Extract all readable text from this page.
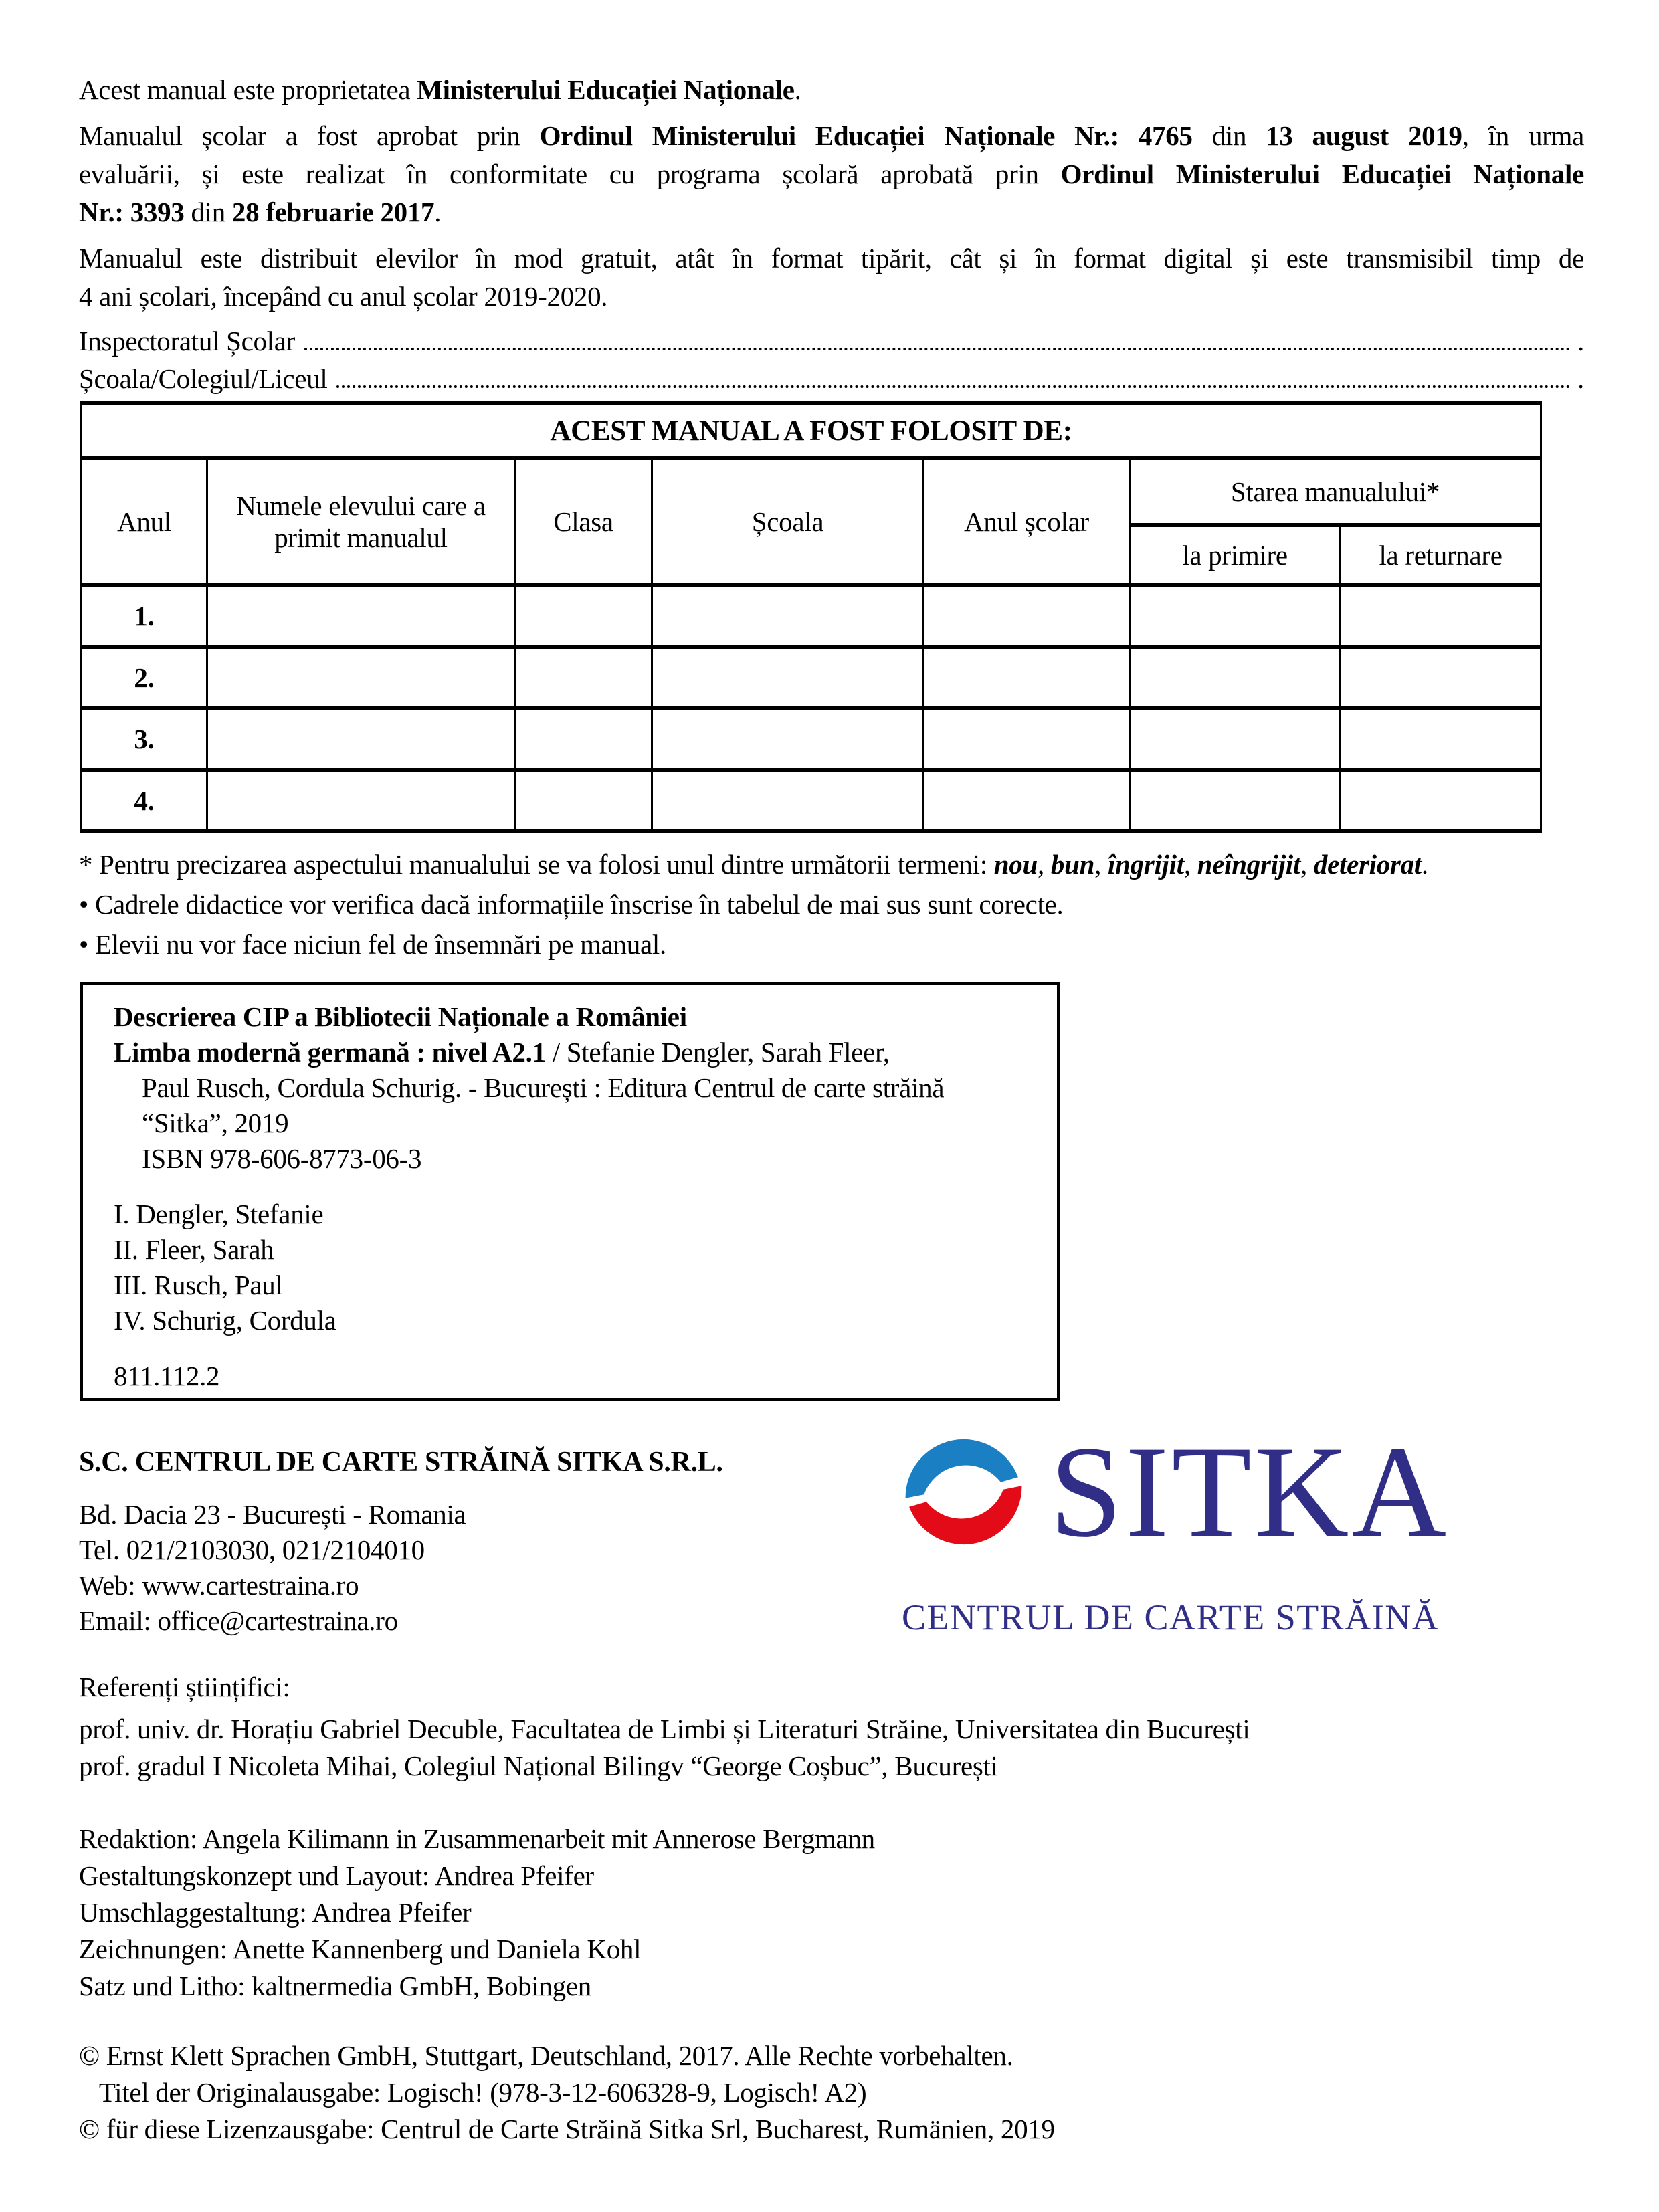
Acest manual este proprietatea Ministerului Educației Naționale.
Manualul școlar a fost aprobat prin Ordinul Ministerului Educației Naționale Nr.: 4765 din 13 august 2019, în urma
evaluării, și este realizat în conformitate cu programa școlară aprobată prin Ordinul Ministerului Educației Naționale
Nr.: 3393 din 28 februarie 2017.
Manualul este distribuit elevilor în mod gratuit, atât în format tipărit, cât și în format digital și este transmisibil timp de
4 ani școlari, începând cu anul școlar 2019-2020.
Inspectoratul Școlar	.
Școala/Colegiul/Liceul	.
ACEST MANUAL A FOST FOLOSIT DE:						
Anul	Numele elevului care a primit manualul	Clasa	Școala	Anul școlar	Starea manualului*	
					la primire	la returnare
1.						
2.						
3.						
4.						
* Pentru precizarea aspectului manualului se va folosi unul dintre următorii termeni: nou, bun, îngrijit, neîngrijit, deteriorat.
• Cadrele didactice vor verifica dacă informațiile înscrise în tabelul de mai sus sunt corecte.
• Elevii nu vor face niciun fel de însemnări pe manual.
Descrierea CIP a Bibliotecii Naționale a României
Limba modernă germană : nivel A2.1 / Stefanie Dengler, Sarah Fleer,
Paul Rusch, Cordula Schurig. - București : Editura Centrul de carte străină
“Sitka”, 2019
ISBN 978-606-8773-06-3
I. Dengler, Stefanie
II. Fleer, Sarah
III. Rusch, Paul
IV. Schurig, Cordula
811.112.2
S.C. CENTRUL DE CARTE STRĂINĂ SITKA S.R.L.
Bd. Dacia 23 - București - Romania
Tel. 021/2103030, 021/2104010
Web: www.cartestraina.ro
Email: office@cartestraina.ro
SITKA
CENTRUL DE CARTE STRĂINĂ
Referenți științifici:
prof. univ. dr. Horațiu Gabriel Decuble, Facultatea de Limbi și Literaturi Străine, Universitatea din București
prof. gradul I Nicoleta Mihai, Colegiul Național Bilingv “George Coșbuc”, București
Redaktion: Angela Kilimann in Zusammenarbeit mit Annerose Bergmann
Gestaltungskonzept und Layout: Andrea Pfeifer
Umschlaggestaltung: Andrea Pfeifer
Zeichnungen: Anette Kannenberg und Daniela Kohl
Satz und Litho: kaltnermedia GmbH, Bobingen
© Ernst Klett Sprachen GmbH, Stuttgart, Deutschland, 2017. Alle Rechte vorbehalten.
Titel der Originalausgabe: Logisch! (978-3-12-606328-9, Logisch! A2)
© für diese Lizenzausgabe: Centrul de Carte Străină Sitka Srl, Bucharest, Rumänien, 2019
